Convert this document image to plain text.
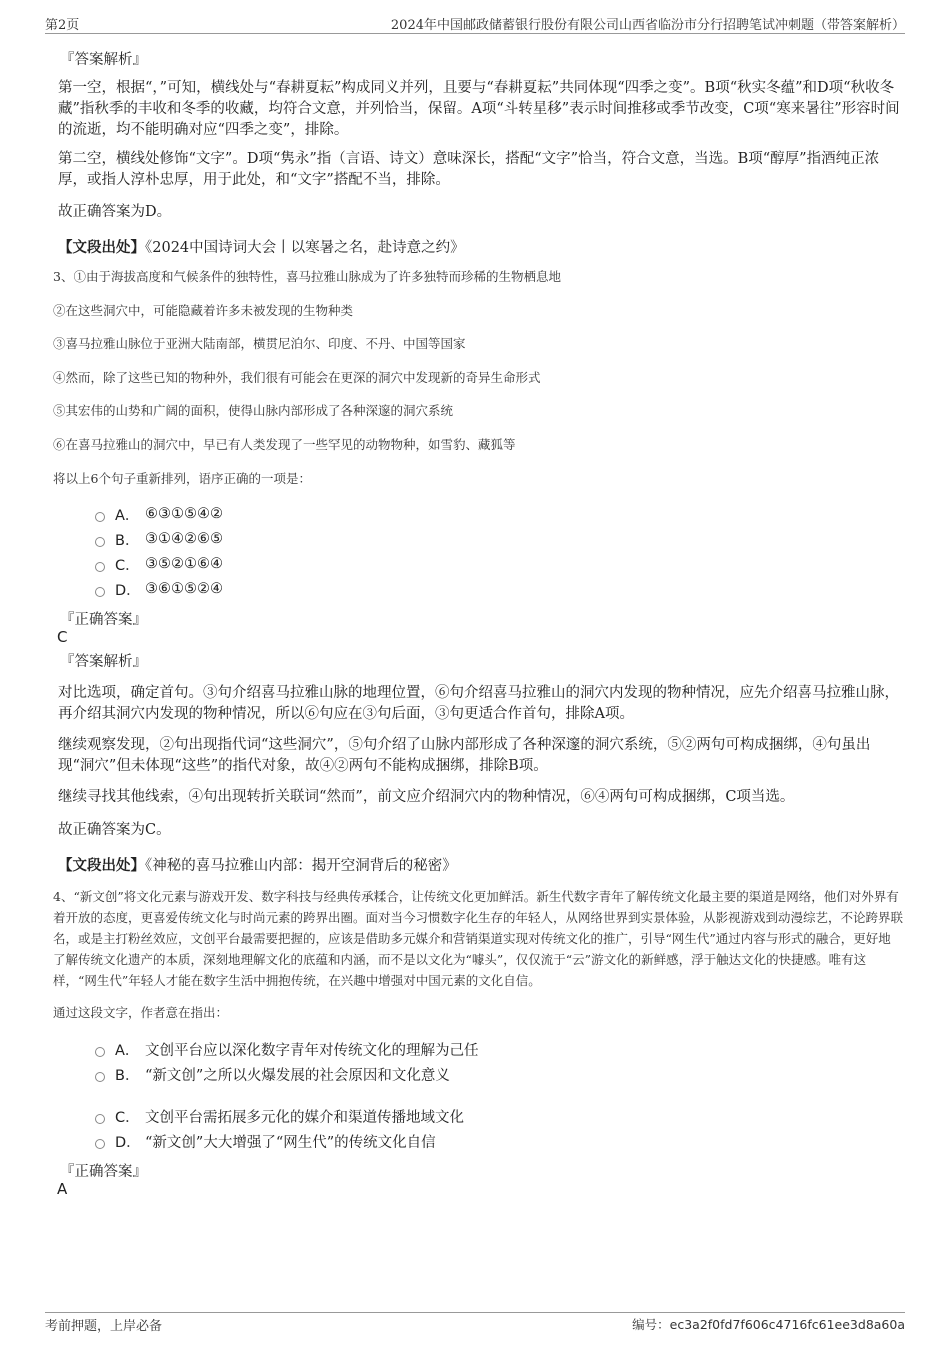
第2页	2024年中国邮政储蓄银行股份有限公司山西省临汾市分行招聘笔试冲刺题（带答案解析）
『答案解析』
第一空，根据“，”可知，横线处与“春耕夏耘”构成同义并列，且要与“春耕夏耘”共同体现“四季之变”。B项“秋实冬蕴”和D项“秋收冬藏”指秋季的丰收和冬季的收藏，均符合文意，并列恰当，保留。A项“斗转星移”表示时间推移或季节改变，C项“寒来暑往”形容时间的流逝，均不能明确对应“四季之变”，排除。
第二空，横线处修饰“文字”。D项“隽永”指（言语、诗文）意味深长，搭配“文字”恰当，符合文意，当选。B项“醇厚”指酒纯正浓厚，或指人淳朴忠厚，用于此处，和“文字”搭配不当，排除。
故正确答案为D。
【文段出处】《2024中国诗词大会丨以寒暑之名，赴诗意之约》
3、①由于海拔高度和气候条件的独特性，喜马拉雅山脉成为了许多独特而珍稀的生物栖息地
②在这些洞穴中，可能隐藏着许多未被发现的生物种类
③喜马拉雅山脉位于亚洲大陆南部，横贯尼泊尔、印度、不丹、中国等国家
④然而，除了这些已知的物种外，我们很有可能会在更深的洞穴中发现新的奇异生命形式
⑤其宏伟的山势和广阔的面积，使得山脉内部形成了各种深邃的洞穴系统
⑥在喜马拉雅山的洞穴中，早已有人类发现了一些罕见的动物物种，如雪豹、藏狐等
将以上6个句子重新排列，语序正确的一项是：
A． ⑥③①⑤④②
B． ③①④②⑥⑤
C． ③⑤②①⑥④
D． ③⑥①⑤②④
『正确答案』
C
『答案解析』
对比选项，确定首句。③句介绍喜马拉雅山脉的地理位置，⑥句介绍喜马拉雅山的洞穴内发现的物种情况，应先介绍喜马拉雅山脉，再介绍其洞穴内发现的物种情况，所以⑥句应在③句后面，③句更适合作首句，排除A项。
继续观察发现，②句出现指代词“这些洞穴”，⑤句介绍了山脉内部形成了各种深邃的洞穴系统，⑤②两句可构成捆绑，④句虽出现“洞穴”但未体现“这些”的指代对象，故④②两句不能构成捆绑，排除B项。
继续寻找其他线索，④句出现转折关联词“然而”，前文应介绍洞穴内的物种情况，⑥④两句可构成捆绑，C项当选。
故正确答案为C。
【文段出处】《神秘的喜马拉雅山内部：揭开空洞背后的秘密》
4、“新文创”将文化元素与游戏开发、数字科技与经典传承糅合，让传统文化更加鲜活。新生代数字青年了解传统文化最主要的渠道是网络，他们对外界有着开放的态度，更喜爱传统文化与时尚元素的跨界出圈。面对当今习惯数字化生存的年轻人，从网络世界到实景体验，从影视游戏到动漫综艺，不论跨界联名，或是主打粉丝效应，文创平台最需要把握的，应该是借助多元媒介和营销渠道实现对传统文化的推广，引导“网生代”通过内容与形式的融合，更好地了解传统文化遗产的本质，深刻地理解文化的底蕴和内涵，而不是以文化为“噱头”，仅仅流于“云”游文化的新鲜感，浮于触达文化的快捷感。唯有这样，“网生代”年轻人才能在数字生活中拥抱传统，在兴趣中增强对中国元素的文化自信。
通过这段文字，作者意在指出：
A． 文创平台应以深化数字青年对传统文化的理解为己任
B． “新文创”之所以火爆发展的社会原因和文化意义
C． 文创平台需拓展多元化的媒介和渠道传播地域文化
D． “新文创”大大增强了“网生代”的传统文化自信
『正确答案』
A
考前押题，上岸必备	编号：ec3a2f0fd7f606c4716fc61ee3d8a60a
